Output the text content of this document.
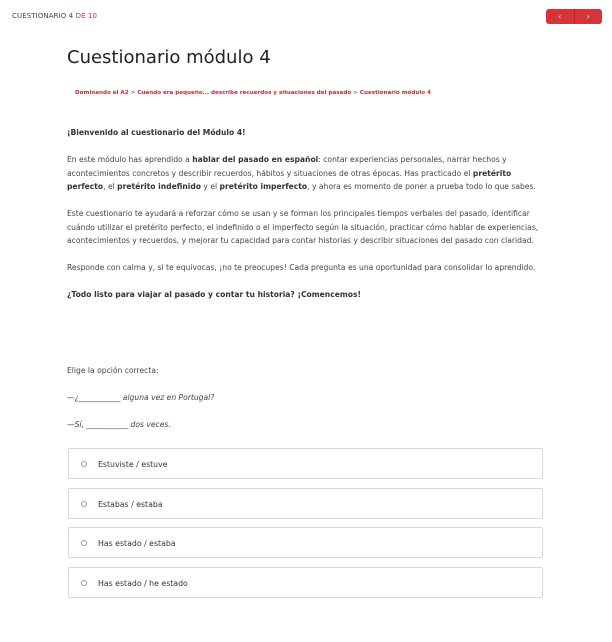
CUESTIONARIO 4 DE 10	‹	›
Cuestionario módulo 4
Dominando el A2 > Cuando era pequeño... describe recuerdos y situaciones del pasado > Cuestionario módulo 4

¡Bienvenido al cuestionario del Módulo 4!

En este módulo has aprendido a hablar del pasado en español: contar experiencias personales, narrar hechos y acontecimientos concretos y describir recuerdos, hábitos y situaciones de otras épocas. Has practicado el pretérito perfecto, el pretérito indefinido y el pretérito imperfecto, y ahora es momento de poner a prueba todo lo que sabes.

Este cuestionario te ayudará a reforzar cómo se usan y se forman los principales tiempos verbales del pasado, identificar cuándo utilizar el pretérito perfecto, el indefinido o el imperfecto según la situación, practicar cómo hablar de experiencias, acontecimientos y recuerdos, y mejorar tu capacidad para contar historias y describir situaciones del pasado con claridad.

Responde con calma y, si te equivocas, ¡no te preocupes! Cada pregunta es una oportunidad para consolidar lo aprendido.

¿Todo listo para viajar al pasado y contar tu historia? ¡Comencemos!

Elige la opción correcta:
—¿___________ alguna vez en Portugal?
—Sí, ___________ dos veces.
Estuviste / estuve
Estabas / estaba
Has estado / estaba
Has estado / he estado
